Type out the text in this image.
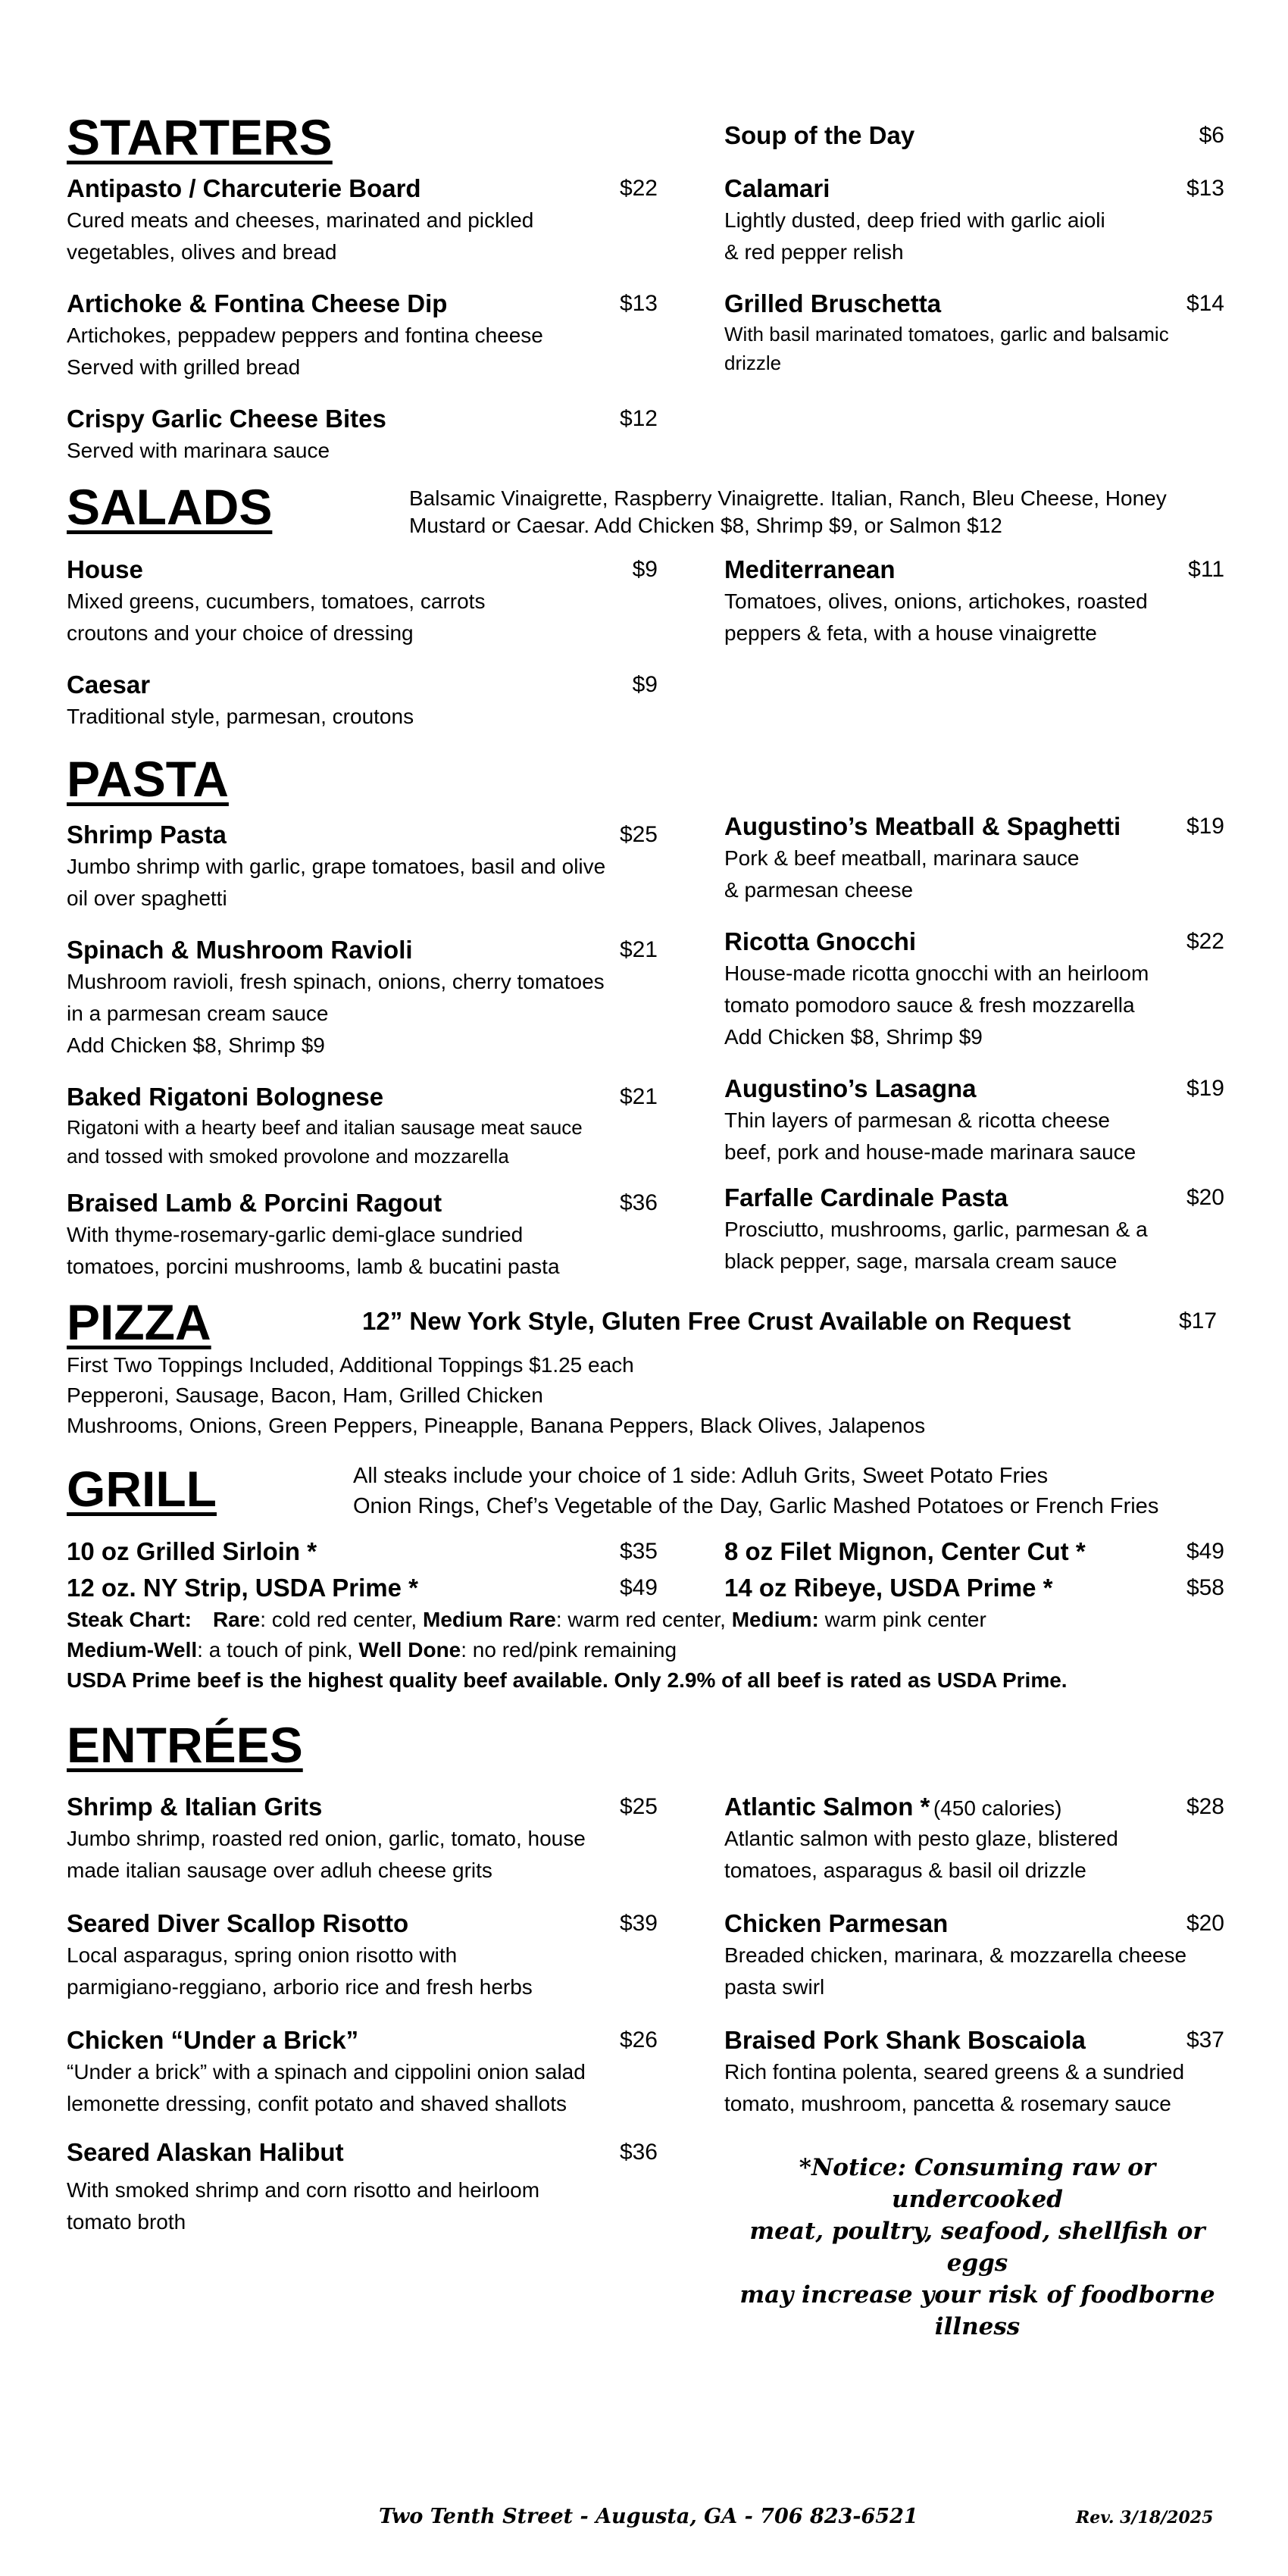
STARTERS
Antipasto / Charcuterie Board	$22
Cured meats and cheeses, marinated and pickled
vegetables, olives and bread
Artichoke & Fontina Cheese Dip	$13
Artichokes, peppadew peppers and fontina cheese
Served with grilled bread
Crispy Garlic Cheese Bites	$12
Served with marinara sauce
Soup of the Day	$6
Calamari	$13
Lightly dusted, deep fried with garlic aioli
& red pepper relish
Grilled Bruschetta	$14
With basil marinated tomatoes, garlic and balsamic
drizzle
SALADS	Balsamic Vinaigrette, Raspberry Vinaigrette. Italian, Ranch, Bleu Cheese, Honey
Mustard or Caesar. Add Chicken $8, Shrimp $9, or Salmon $12
House	$9
Mixed greens, cucumbers, tomatoes, carrots
croutons and your choice of dressing
Caesar	$9
Traditional style, parmesan, croutons
Mediterranean	$11
Tomatoes, olives, onions, artichokes, roasted
peppers & feta, with a house vinaigrette
PASTA
Shrimp Pasta	$25
Jumbo shrimp with garlic, grape tomatoes, basil and olive
oil over spaghetti
Spinach & Mushroom Ravioli	$21
Mushroom ravioli, fresh spinach, onions, cherry tomatoes
in a parmesan cream sauce
Add Chicken $8, Shrimp $9
Baked Rigatoni Bolognese	$21
Rigatoni with a hearty beef and italian sausage meat sauce
and tossed with smoked provolone and mozzarella
Braised Lamb & Porcini Ragout	$36
With thyme-rosemary-garlic demi-glace sundried
tomatoes, porcini mushrooms, lamb & bucatini pasta
Augustino’s Meatball & Spaghetti	$19
Pork & beef meatball, marinara sauce
& parmesan cheese
Ricotta Gnocchi	$22
House-made ricotta gnocchi with an heirloom
tomato pomodoro sauce & fresh mozzarella
Add Chicken $8, Shrimp $9
Augustino’s Lasagna	$19
Thin layers of parmesan & ricotta cheese
beef, pork and house-made marinara sauce
Farfalle Cardinale Pasta	$20
Prosciutto, mushrooms, garlic, parmesan & a
black pepper, sage, marsala cream sauce
PIZZA	12” New York Style, Gluten Free Crust Available on Request	$17
First Two Toppings Included, Additional Toppings $1.25 each
Pepperoni, Sausage, Bacon, Ham, Grilled Chicken
Mushrooms, Onions, Green Peppers, Pineapple, Banana Peppers, Black Olives, Jalapenos
GRILL	All steaks include your choice of 1 side: Adluh Grits, Sweet Potato Fries
Onion Rings, Chef’s Vegetable of the Day, Garlic Mashed Potatoes or French Fries
10 oz Grilled Sirloin *	$35
12 oz. NY Strip, USDA Prime *	$49
8 oz Filet Mignon, Center Cut *	$49
14 oz Ribeye, USDA Prime *	$58
Steak Chart: Rare: cold red center, Medium Rare: warm red center, Medium: warm pink center
Medium-Well: a touch of pink, Well Done: no red/pink remaining
USDA Prime beef is the highest quality beef available. Only 2.9% of all beef is rated as USDA Prime.
ENTRÉES
Shrimp & Italian Grits	$25
Jumbo shrimp, roasted red onion, garlic, tomato, house
made italian sausage over adluh cheese grits
Seared Diver Scallop Risotto	$39
Local asparagus, spring onion risotto with
parmigiano-reggiano, arborio rice and fresh herbs
Chicken “Under a Brick”	$26
“Under a brick” with a spinach and cippolini onion salad
lemonette dressing, confit potato and shaved shallots
Seared Alaskan Halibut	$36
With smoked shrimp and corn risotto and heirloom
tomato broth
Atlantic Salmon * (450 calories)	$28
Atlantic salmon with pesto glaze, blistered
tomatoes, asparagus & basil oil drizzle
Chicken Parmesan	$20
Breaded chicken, marinara, & mozzarella cheese
pasta swirl
Braised Pork Shank Boscaiola	$37
Rich fontina polenta, seared greens & a sundried
tomato, mushroom, pancetta & rosemary sauce
*Notice: Consuming raw or undercooked
meat, poultry, seafood, shellfish or eggs
may increase your risk of foodborne illness
Two Tenth Street - Augusta, GA - 706 823-6521	Rev. 3/18/2025
